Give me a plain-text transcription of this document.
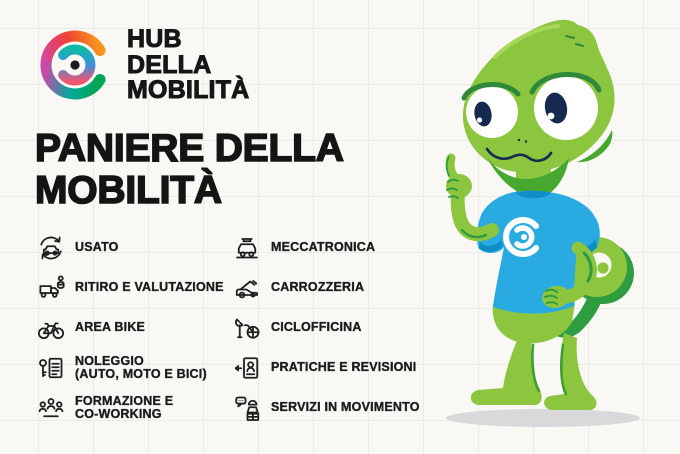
HUB
DELLA
MOBILITÀ
PANIERE DELLA
MOBILITÀ
USATO
RITIRO E VALUTAZIONE
AREA BIKE
NOLEGGIO
(AUTO, MOTO E BICI)
FORMAZIONE E
CO-WORKING
MECCATRONICA
CARROZZERIA
CICLOFFICINA
PRATICHE E REVISIONI
SERVIZI IN MOVIMENTO
